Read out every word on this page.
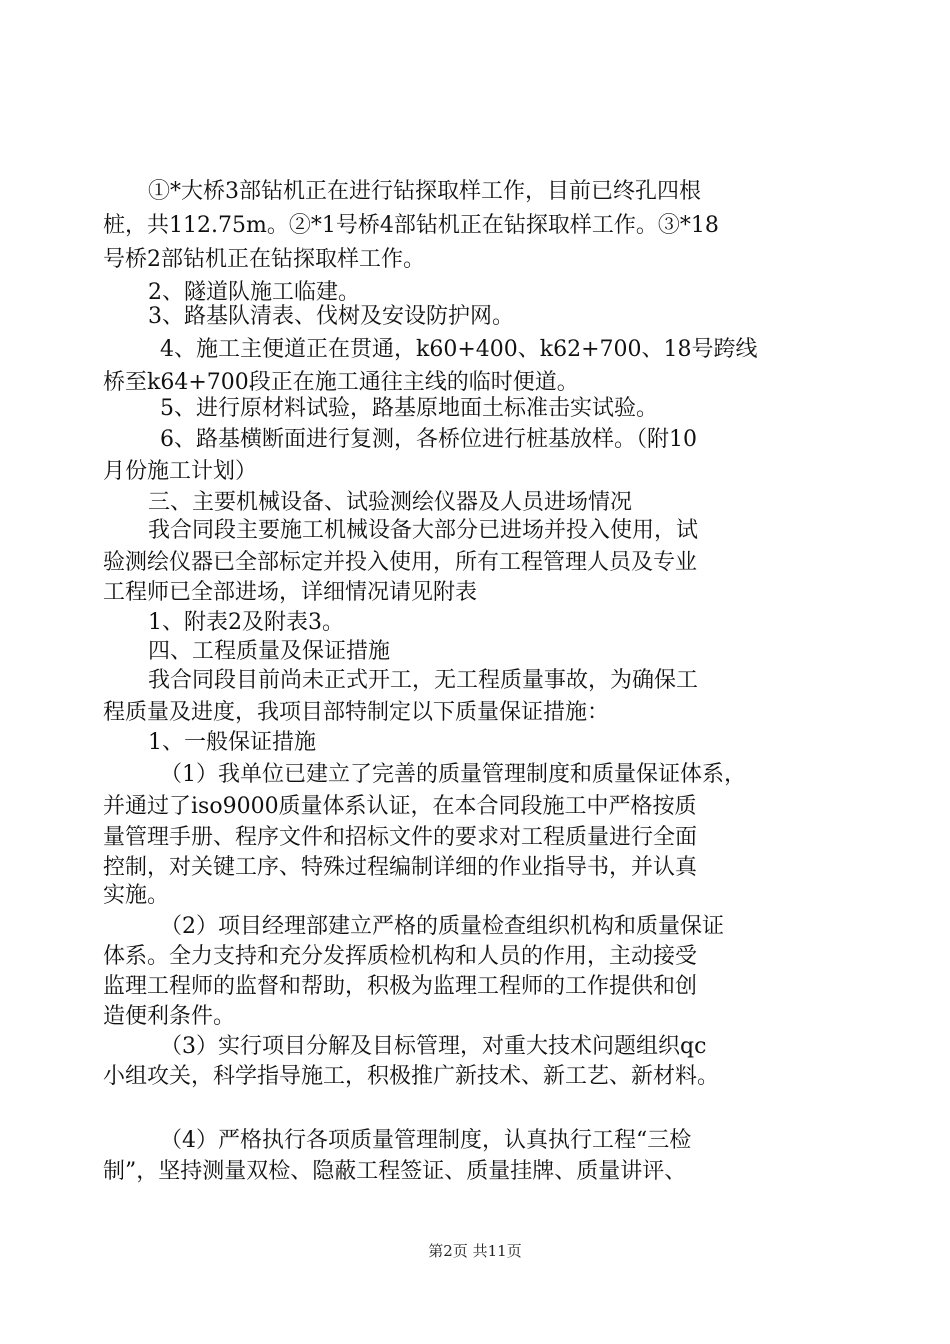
①*大桥3部钻机正在进行钻探取样工作，目前已终孔四根
桩，共112.75m。②*1号桥4部钻机正在钻探取样工作。③*18
号桥2部钻机正在钻探取样工作。
2、隧道队施工临建。
3、路基队清表、伐树及安设防护网。
4、施工主便道正在贯通，k60+400、k62+700、18号跨线
桥至k64+700段正在施工通往主线的临时便道。
5、进行原材料试验，路基原地面土标准击实试验。
6、路基横断面进行复测，各桥位进行桩基放样。（附10
月份施工计划）
三、主要机械设备、试验测绘仪器及人员进场情况
我合同段主要施工机械设备大部分已进场并投入使用，试
验测绘仪器已全部标定并投入使用，所有工程管理人员及专业
工程师已全部进场，详细情况请见附表
1、附表2及附表3。
四、工程质量及保证措施
我合同段目前尚未正式开工，无工程质量事故，为确保工
程质量及进度，我项目部特制定以下质量保证措施：
1、一般保证措施
（1）我单位已建立了完善的质量管理制度和质量保证体系，
并通过了iso9000质量体系认证，在本合同段施工中严格按质
量管理手册、程序文件和招标文件的要求对工程质量进行全面
控制，对关键工序、特殊过程编制详细的作业指导书，并认真
实施。
（2）项目经理部建立严格的质量检查组织机构和质量保证
体系。全力支持和充分发挥质检机构和人员的作用，主动接受
监理工程师的监督和帮助，积极为监理工程师的工作提供和创
造便利条件。
（3）实行项目分解及目标管理，对重大技术问题组织qc
小组攻关，科学指导施工，积极推广新技术、新工艺、新材料。
（4）严格执行各项质量管理制度，认真执行工程“三检
制”，坚持测量双检、隐蔽工程签证、质量挂牌、质量讲评、
第2页 共11页
